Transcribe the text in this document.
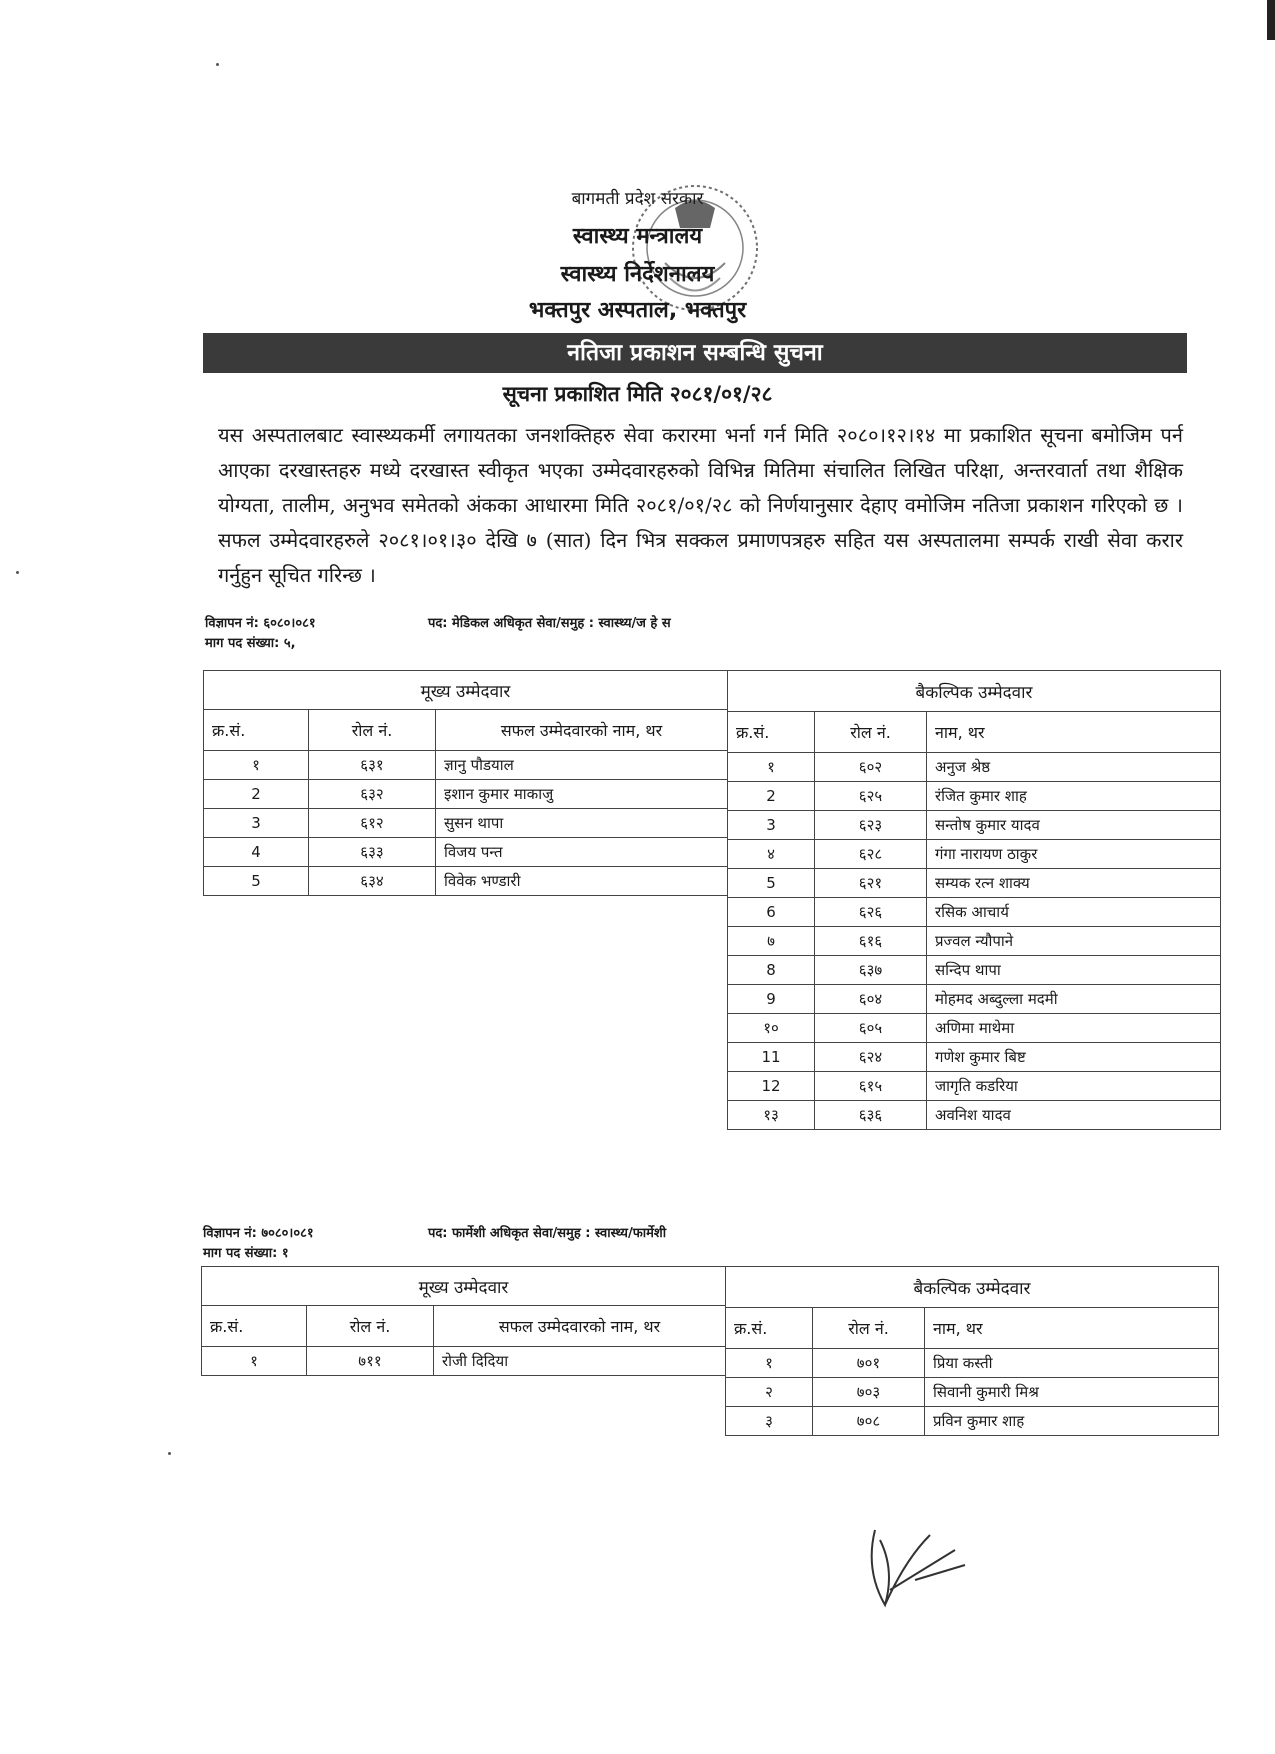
बागमती प्रदेश सरकार
स्वास्थ्य मन्त्रालय
स्वास्थ्य निर्देशनालय
भक्तपुर अस्पताल, भक्तपुर
नतिजा प्रकाशन सम्बन्धि सुचना
सूचना प्रकाशित मिति २०८१/०१/२८
यस अस्पतालबाट स्वास्थ्यकर्मी लगायतका जनशक्तिहरु सेवा करारमा भर्ना गर्न मिति २०८०।१२।१४ मा प्रकाशित सूचना बमोजिम पर्न आएका दरखास्तहरु मध्ये दरखास्त स्वीकृत भएका उम्मेदवारहरुको विभिन्न मितिमा संचालित लिखित परिक्षा, अन्तरवार्ता तथा शैक्षिक योग्यता, तालीम, अनुभव समेतको अंकका आधारमा मिति २०८१/०१/२८ को निर्णयानुसार देहाए वमोजिम नतिजा प्रकाशन गरिएको छ । सफल उम्मेदवारहरुले २०८१।०१।३० देखि ७ (सात) दिन भित्र सक्कल प्रमाणपत्रहरु सहित यस अस्पतालमा सम्पर्क राखी सेवा करार गर्नुहुन सूचित गरिन्छ ।
विज्ञापन नं: ६०८०।०८१	पद: मेडिकल अधिकृत सेवा/समुह : स्वास्थ्य/ज हे स
माग पद संख्या: ५,
मूख्य उम्मेदवार		
क्र.सं.	रोल नं.	सफल उम्मेदवारको नाम, थर
१	६३१	ज्ञानु पौडयाल
2	६३२	इशान कुमार माकाजु
3	६१२	सुसन थापा
4	६३३	विजय पन्त
5	६३४	विवेक भण्डारी
बैकल्पिक उम्मेदवार		
क्र.सं.	रोल नं.	नाम, थर
१	६०२	अनुज श्रेष्ठ
2	६२५	रंजित कुमार शाह
3	६२३	सन्तोष कुमार यादव
४	६२८	गंगा नारायण ठाकुर
5	६२१	सम्यक रत्न शाक्य
6	६२६	रसिक आचार्य
७	६१६	प्रज्वल न्यौपाने
8	६३७	सन्दिप थापा
9	६०४	मोहमद अब्दुल्ला मदमी
१०	६०५	अणिमा माथेमा
11	६२४	गणेश कुमार बिष्ट
12	६१५	जागृति कडरिया
१३	६३६	अवनिश यादव
विज्ञापन नं: ७०८०।०८१	पद: फार्मेशी अधिकृत सेवा/समुह : स्वास्थ्य/फार्मेशी
माग पद संख्या: १
मूख्य उम्मेदवार		
क्र.सं.	रोल नं.	सफल उम्मेदवारको नाम, थर
१	७११	रोजी दिदिया
बैकल्पिक उम्मेदवार		
क्र.सं.	रोल नं.	नाम, थर
१	७०१	प्रिया कस्ती
२	७०३	सिवानी कुमारी मिश्र
३	७०८	प्रविन कुमार शाह
